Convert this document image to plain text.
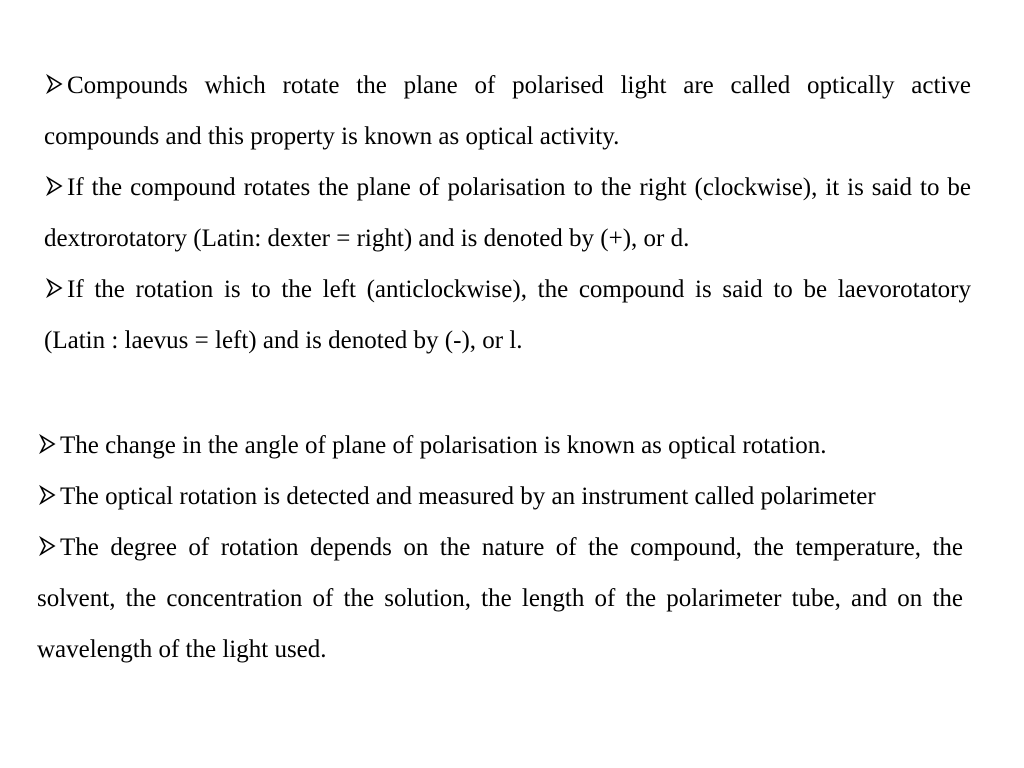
Compounds which rotate the plane of polarised light are called optically active compounds and this property is known as optical activity.

If the compound rotates the plane of polarisation to the right (clockwise), it is said to be dextrorotatory (Latin: dexter = right) and is denoted by (+), or d.

If the rotation is to the left (anticlockwise), the compound is said to be laevorotatory (Latin : laevus = left) and is denoted by (-), or l.

The change in the angle of plane of polarisation is known as optical rotation.

The optical rotation is detected and measured by an instrument called polarimeter

The degree of rotation depends on the nature of the compound, the temperature, the solvent, the concentration of the solution, the length of the polarimeter tube, and on the wavelength of the light used.
